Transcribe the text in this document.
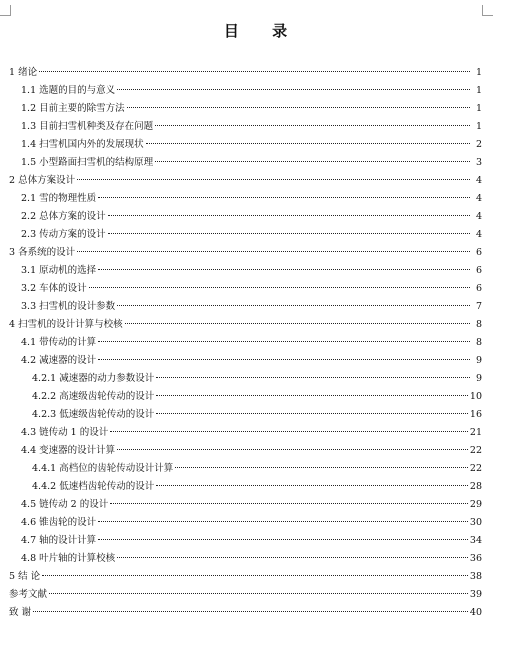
目 录
1 绪论	1
1.1 选题的目的与意义	1
1.2 目前主要的除雪方法	1
1.3 目前扫雪机种类及存在问题	1
1.4 扫雪机国内外的发展现状	2
1.5 小型路面扫雪机的结构原理	3
2 总体方案设计	4
2.1 雪的物理性质	4
2.2 总体方案的设计	4
2.3 传动方案的设计	4
3 各系统的设计	6
3.1 原动机的选择	6
3.2 车体的设计	6
3.3 扫雪机的设计参数	7
4 扫雪机的设计计算与校核	8
4.1 带传动的计算	8
4.2 减速器的设计	9
4.2.1 减速器的动力参数设计	9
4.2.2 高速级齿轮传动的设计	10
4.2.3 低速级齿轮传动的设计	16
4.3 链传动 1 的设计	21
4.4 变速器的设计计算	22
4.4.1 高档位的齿轮传动设计计算	22
4.4.2 低速档齿轮传动的设计	28
4.5 链传动 2 的设计	29
4.6 锥齿轮的设计	30
4.7 轴的设计计算	34
4.8 叶片轴的计算校核	36
5 结 论	38
参考文献	39
致 谢	40
